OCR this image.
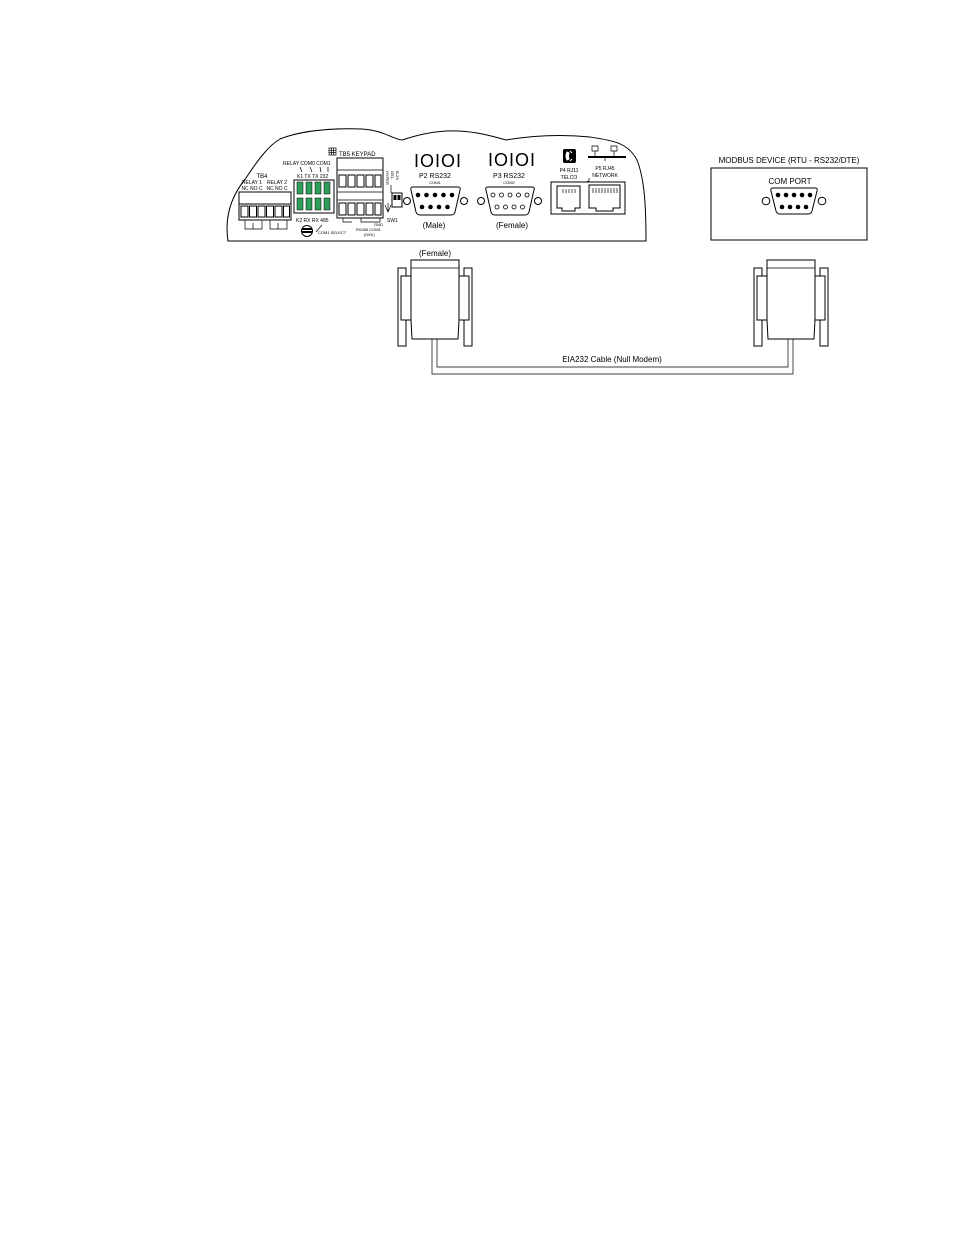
TB4
RELAY 1
NC NO C
RELAY 2
NC NO C
RELAY COM0 COM1
K1 TX TX 232
K2 RX RX 485
COM1 SELECT
TB5 KEYPAD
GND
RS485 COM1
(DIDI)
HYPER GEL B-2S
SW1
IOIOI
P2 RS232
COM1
(Male)
IOIOI
P3 RS232
COM2
(Female)
P4 RJ11
TELCO
P5 RJ45
NETWORK
MODBUS DEVICE (RTU - RS232/DTE)
COM PORT
(Female)
EIA232 Cable (Null Modem)
